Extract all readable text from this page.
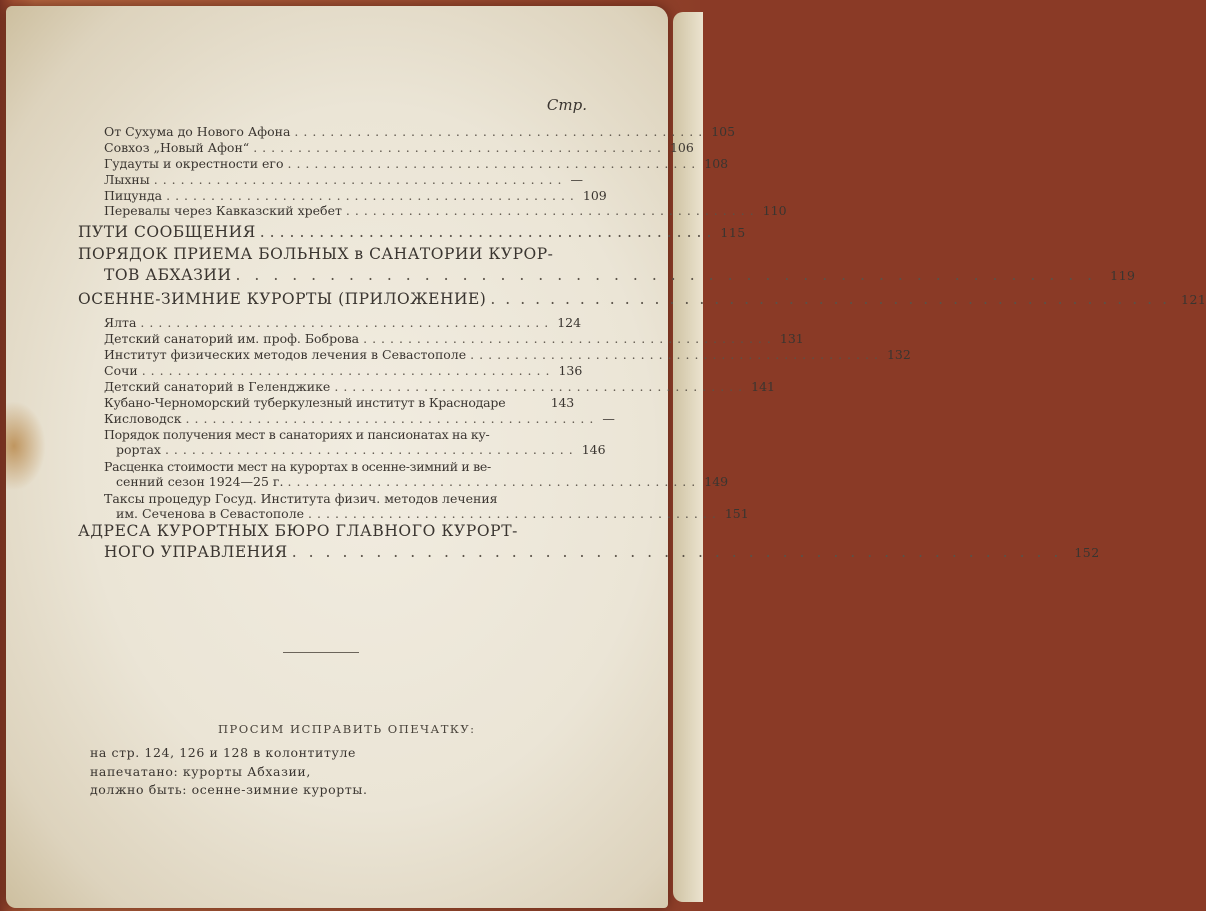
Стр.
От Сухума до Нового Афона .............................................. 105
Совхоз „Новый Афон“ .............................................. 106
Гудауты и окрестности его .............................................. 108
Лыхны .............................................. —
Пицунда .............................................. 109
Перевалы через Кавказский хребет .............................................. 110
ПУТИ СООБЩЕНИЯ .............................................. 115
ПОРЯДОК ПРИЕМА БОЛЬНЫХ в САНАТОРИИ КУРОР-
ТОВ АБХАЗИИ .............................................. 119
ОСЕННЕ-ЗИМНИЕ КУРОРТЫ (ПРИЛОЖЕНИЕ) .............................................. 121
Ялта .............................................. 124
Детский санаторий им. проф. Боброва .............................................. 131
Институт физических методов лечения в Севастополе .............................................. 132
Сочи .............................................. 136
Детский санаторий в Геленджике .............................................. 141
Кубано-Черноморский туберкулезный институт в Краснодаре	143
Кисловодск .............................................. —
Порядок получения мест в санаториях и пансионатах на ку-
рортах .............................................. 146
Расценка стоимости мест на курортах в осенне-зимний и ве-
сенний сезон 1924—25 г. .............................................. 149
Таксы процедур Госуд. Института физич. методов лечения
им. Сеченова в Севастополе .............................................. 151
АДРЕСА КУРОРТНЫХ БЮРО ГЛАВНОГО КУРОРТ-
НОГО УПРАВЛЕНИЯ .............................................. 152
ПРОСИМ ИСПРАВИТЬ ОПЕЧАТКУ:
на стр. 124, 126 и 128 в колонтитуле
напечатано: курорты Абхазии,
должно быть: осенне-зимние курорты.
